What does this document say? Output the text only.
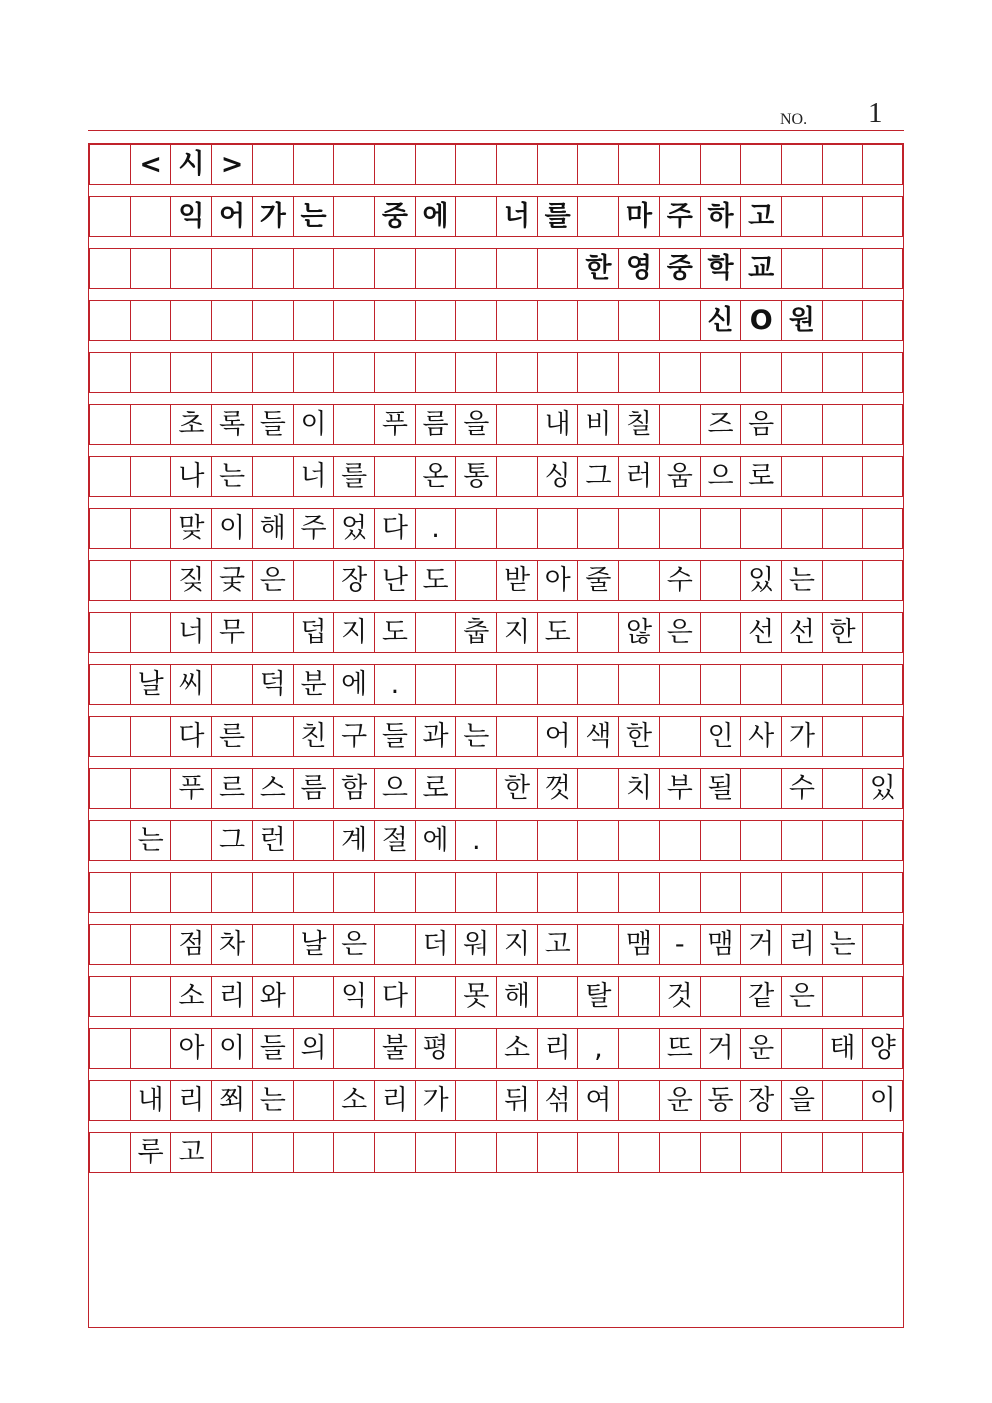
NO. 1
< 시 >
익 어 가 는 중 에 너 를 마 주 하 고
한 영 중 학 교
신 O 원
초 록 들 이 푸 름 을 내 비 칠 즈 음
나 는 너 를 온 통 싱 그 러 움 으 로
맞 이 해 주 었 다 .
짖 궂 은 장 난 도 받 아 줄 수 있 는
너 무 덥 지 도 춥 지 도 않 은 선 선 한
날 씨 덕 분 에 .
다 른 친 구 들 과 는 어 색 한 인 사 가
푸 르 스 름 함 으 로 한 껏 치 부 될 수 있
는 그 런 계 절 에 .
점 차 날 은 더 워 지 고 맴 - 맴 거 리 는
소 리 와 익 다 못 해 탈 것 같 은
아 이 들 의 불 평 소 리 ,	뜨 거 운 태 양
내 리 쬐 는 소 리 가 뒤 섞 여 운 동 장 을 이
루 고
